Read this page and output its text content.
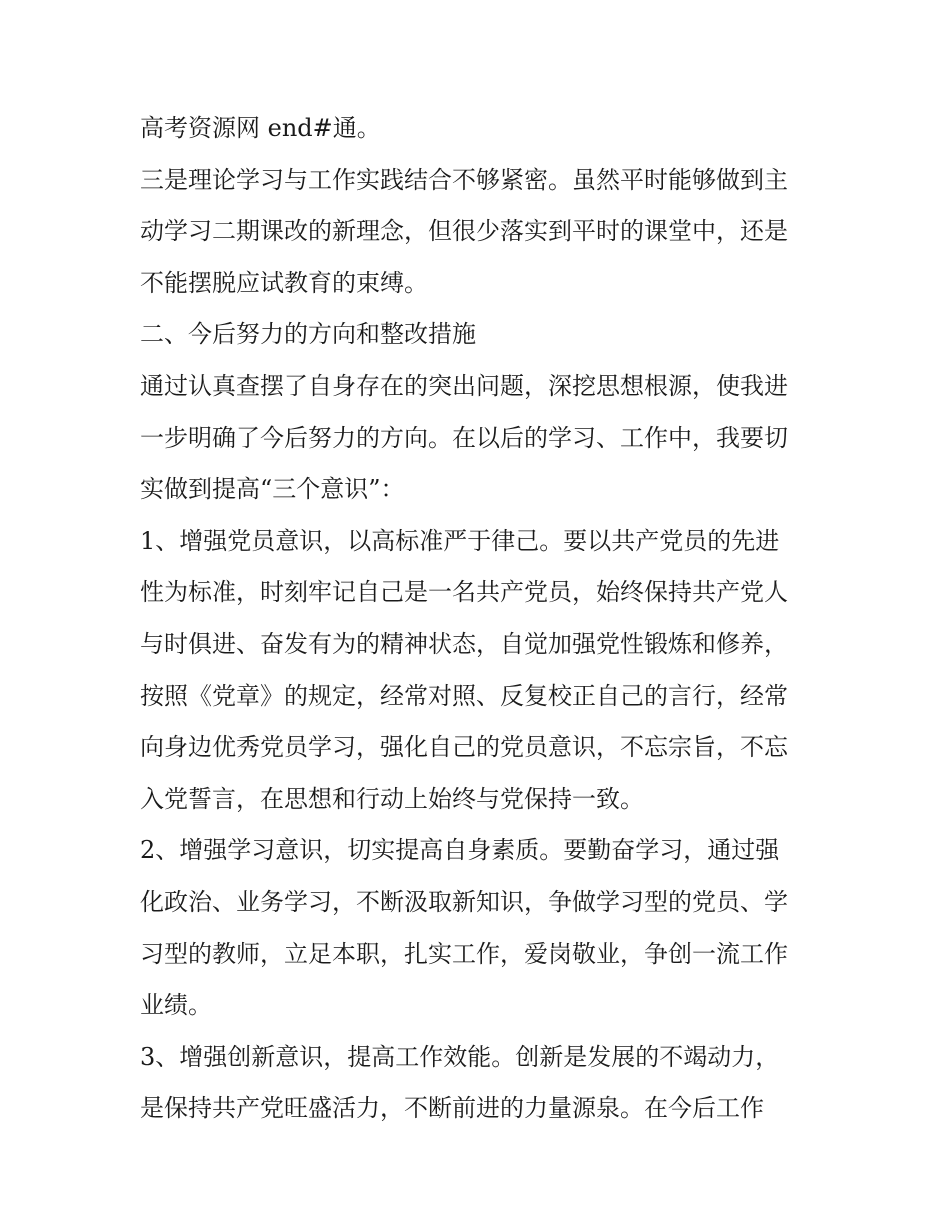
高考资源网 end#通。
三是理论学习与工作实践结合不够紧密。虽然平时能够做到主
动学习二期课改的新理念，但很少落实到平时的课堂中，还是
不能摆脱应试教育的束缚。
二、今后努力的方向和整改措施
通过认真查摆了自身存在的突出问题，深挖思想根源，使我进
一步明确了今后努力的方向。在以后的学习、工作中，我要切
实做到提高“三个意识”：
1、增强党员意识，以高标准严于律己。要以共产党员的先进
性为标准，时刻牢记自己是一名共产党员，始终保持共产党人
与时俱进、奋发有为的精神状态，自觉加强党性锻炼和修养，
按照《党章》的规定，经常对照、反复校正自己的言行，经常
向身边优秀党员学习，强化自己的党员意识，不忘宗旨，不忘
入党誓言，在思想和行动上始终与党保持一致。
2、增强学习意识，切实提高自身素质。要勤奋学习，通过强
化政治、业务学习，不断汲取新知识，争做学习型的党员、学
习型的教师，立足本职，扎实工作，爱岗敬业，争创一流工作
业绩。
3、增强创新意识，提高工作效能。创新是发展的不竭动力，
是保持共产党旺盛活力，不断前进的力量源泉。在今后工作
